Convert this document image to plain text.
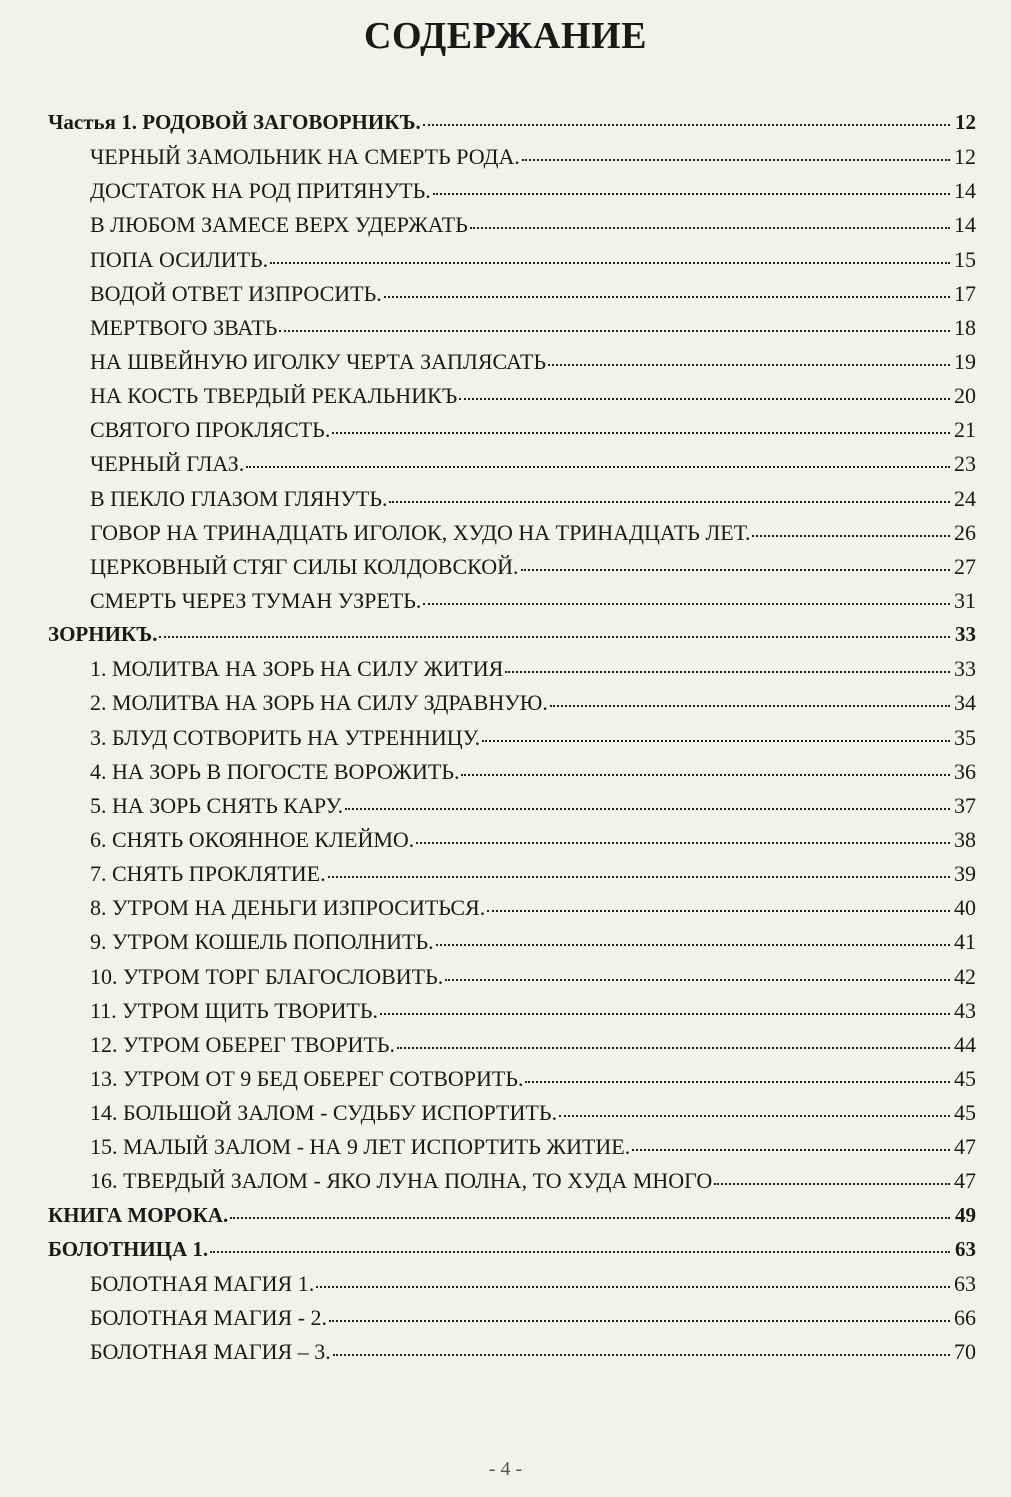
СОДЕРЖАНИЕ
Частья 1. РОДОВОЙ ЗАГОВОРНИКЪ.	12
ЧЕРНЫЙ ЗАМОЛЬНИК НА СМЕРТЬ РОДА.	12
ДОСТАТОК НА РОД ПРИТЯНУТЬ.	14
В ЛЮБОМ ЗАМЕСЕ ВЕРХ УДЕРЖАТЬ	14
ПОПА ОСИЛИТЬ.	15
ВОДОЙ ОТВЕТ ИЗПРОСИТЬ.	17
МЕРТВОГО ЗВАТЬ	18
НА ШВЕЙНУЮ ИГОЛКУ ЧЕРТА ЗАПЛЯСАТЬ	19
НА КОСТЬ ТВЕРДЫЙ РЕКАЛЬНИКЪ	20
СВЯТОГО ПРОКЛЯСТЬ.	21
ЧЕРНЫЙ ГЛАЗ.	23
В ПЕКЛО ГЛАЗОМ ГЛЯНУТЬ.	24
ГОВОР НА ТРИНАДЦАТЬ ИГОЛОК, ХУДО НА ТРИНАДЦАТЬ ЛЕТ.	26
ЦЕРКОВНЫЙ СТЯГ СИЛЫ КОЛДОВСКОЙ.	27
СМЕРТЬ ЧЕРЕЗ ТУМАН УЗРЕТЬ.	31
ЗОРНИКЪ.	33
1. МОЛИТВА НА ЗОРЬ НА СИЛУ ЖИТИЯ	33
2. МОЛИТВА НА ЗОРЬ НА СИЛУ ЗДРАВНУЮ.	34
3. БЛУД СОТВОРИТЬ НА УТРЕННИЦУ.	35
4. НА ЗОРЬ В ПОГОСТЕ ВОРОЖИТЬ.	36
5. НА ЗОРЬ СНЯТЬ КАРУ.	37
6. СНЯТЬ ОКОЯННОЕ КЛЕЙМО.	38
7. СНЯТЬ ПРОКЛЯТИЕ.	39
8. УТРОМ НА ДЕНЬГИ ИЗПРОСИТЬСЯ.	40
9. УТРОМ КОШЕЛЬ ПОПОЛНИТЬ.	41
10. УТРОМ ТОРГ БЛАГОСЛОВИТЬ.	42
11. УТРОМ ЩИТЬ ТВОРИТЬ.	43
12. УТРОМ ОБЕРЕГ ТВОРИТЬ.	44
13. УТРОМ ОТ 9 БЕД ОБЕРЕГ СОТВОРИТЬ.	45
14. БОЛЬШОЙ ЗАЛОМ - СУДЬБУ ИСПОРТИТЬ.	45
15. МАЛЫЙ ЗАЛОМ - НА 9 ЛЕТ ИСПОРТИТЬ ЖИТИЕ.	47
16. ТВЕРДЫЙ ЗАЛОМ - ЯКО ЛУНА ПОЛНА, ТО ХУДА МНОГО	47
КНИГА МОРОКА.	49
БОЛОТНИЦА 1.	63
БОЛОТНАЯ МАГИЯ 1.	63
БОЛОТНАЯ МАГИЯ - 2.	66
БОЛОТНАЯ МАГИЯ – 3.	70
- 4 -
